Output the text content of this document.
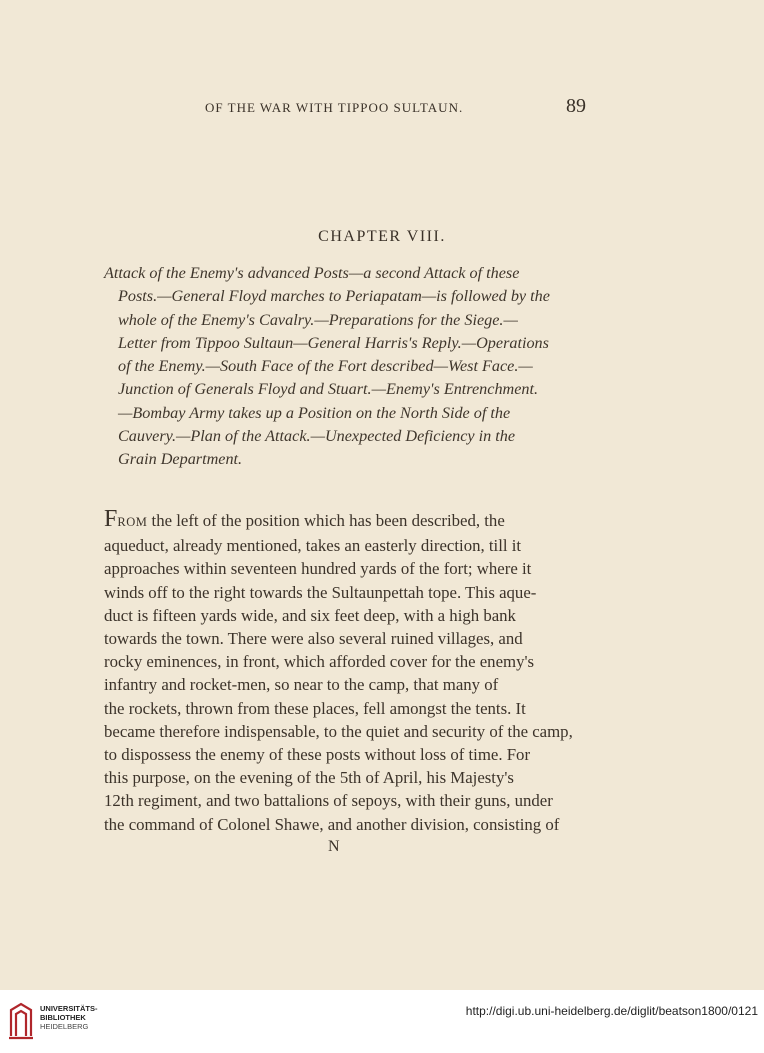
OF THE WAR WITH TIPPOO SULTAUN.	89
CHAPTER VIII.
Attack of the Enemy's advanced Posts—a second Attack of these
Posts.—General Floyd marches to Periapatam—is followed by the
whole of the Enemy's Cavalry.—Preparations for the Siege.—
Letter from Tippoo Sultaun—General Harris's Reply.—Operations
of the Enemy.—South Face of the Fort described—West Face.—
Junction of Generals Floyd and Stuart.—Enemy's Entrenchment.
—Bombay Army takes up a Position on the North Side of the
Cauvery.—Plan of the Attack.—Unexpected Deficiency in the
Grain Department.
FROM the left of the position which has been described, the
aqueduct, already mentioned, takes an easterly direction, till it
approaches within seventeen hundred yards of the fort; where it
winds off to the right towards the Sultaunpettah tope. This aque-
duct is fifteen yards wide, and six feet deep, with a high bank
towards the town. There were also several ruined villages, and
rocky eminences, in front, which afforded cover for the enemy's
infantry and rocket-men, so near to the camp, that many of
the rockets, thrown from these places, fell amongst the tents. It
became therefore indispensable, to the quiet and security of the camp,
to dispossess the enemy of these posts without loss of time. For
this purpose, on the evening of the 5th of April, his Majesty's
12th regiment, and two battalions of sepoys, with their guns, under
the command of Colonel Shawe, and another division, consisting of
N
UNIVERSITÄTS-
BIBLIOTHEK
HEIDELBERG
http://digi.ub.uni-heidelberg.de/diglit/beatson1800/0121
